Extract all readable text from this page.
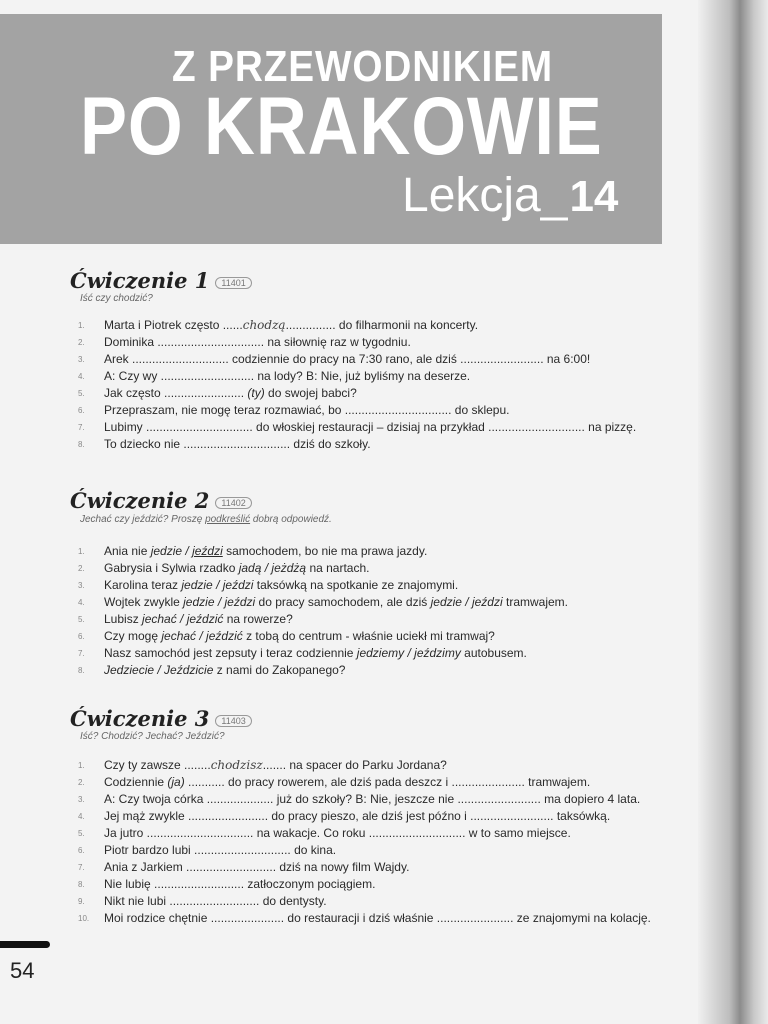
Z PRZEWODNIKIEM
PO KRAKOWIE
Lekcja_14
Ćwiczenie 1 11401
Iść czy chodzić?
1.	Marta i Piotrek często ......chodzą............... do filharmonii na koncerty.
2.	Dominika ................................ na siłownię raz w tygodniu.
3.	Arek ............................. codziennie do pracy na 7:30 rano, ale dziś ......................... na 6:00!
4.	A: Czy wy ............................ na lody? B: Nie, już byliśmy na deserze.
5.	Jak często ........................ (ty) do swojej babci?
6.	Przepraszam, nie mogę teraz rozmawiać, bo ................................ do sklepu.
7.	Lubimy ................................ do włoskiej restauracji – dzisiaj na przykład ............................. na pizzę.
8.	To dziecko nie ................................ dziś do szkoły.
Ćwiczenie 2 11402
Jechać czy jeździć? Proszę podkreślić dobrą odpowiedź.
1.	Ania nie jedzie / jeździ samochodem, bo nie ma prawa jazdy.
2.	Gabrysia i Sylwia rzadko jadą / jeżdżą na nartach.
3.	Karolina teraz jedzie / jeździ taksówką na spotkanie ze znajomymi.
4.	Wojtek zwykle jedzie / jeździ do pracy samochodem, ale dziś jedzie / jeździ tramwajem.
5.	Lubisz jechać / jeździć na rowerze?
6.	Czy mogę jechać / jeździć z tobą do centrum - właśnie uciekł mi tramwaj?
7.	Nasz samochód jest zepsuty i teraz codziennie jedziemy / jeździmy autobusem.
8.	Jedziecie / Jeździcie z nami do Zakopanego?
Ćwiczenie 3 11403
Iść? Chodzić? Jechać? Jeździć?
1.	Czy ty zawsze ........chodzisz....... na spacer do Parku Jordana?
2.	Codziennie (ja) ........... do pracy rowerem, ale dziś pada deszcz i ...................... tramwajem.
3.	A: Czy twoja córka .................... już do szkoły? B: Nie, jeszcze nie ......................... ma dopiero 4 lata.
4.	Jej mąż zwykle ........................ do pracy pieszo, ale dziś jest późno i ......................... taksówką.
5.	Ja jutro ................................ na wakacje. Co roku ............................. w to samo miejsce.
6.	Piotr bardzo lubi ............................. do kina.
7.	Ania z Jarkiem ........................... dziś na nowy film Wajdy.
8.	Nie lubię ........................... zatłoczonym pociągiem.
9.	Nikt nie lubi ........................... do dentysty.
10.	Moi rodzice chętnie ...................... do restauracji i dziś właśnie ....................... ze znajomymi na kolację.
54
